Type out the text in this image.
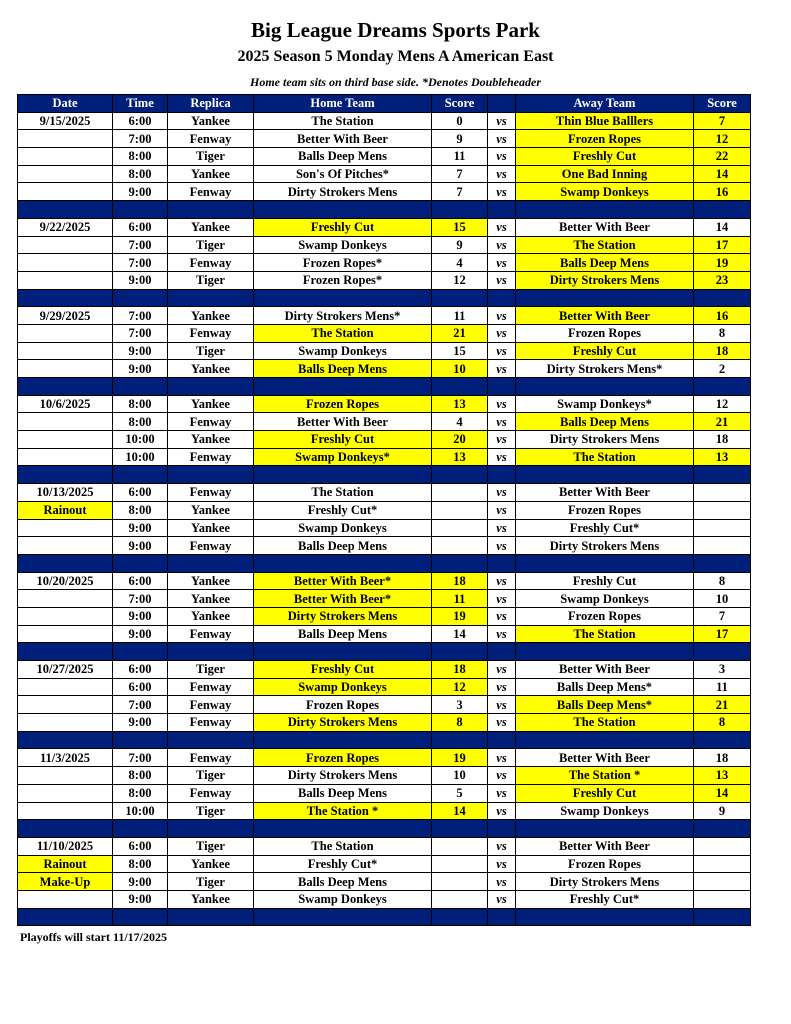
Big League Dreams Sports Park
2025 Season 5 Monday Mens A American East
Home team sits on third base side. *Denotes Doubleheader
Date	Time	Replica	Home Team	Score		Away Team	Score
9/15/2025	6:00	Yankee	The Station	0	vs	Thin Blue Balllers	7
	7:00	Fenway	Better With Beer	9	vs	Frozen Ropes	12
	8:00	Tiger	Balls Deep Mens	11	vs	Freshly Cut	22
	8:00	Yankee	Son's Of Pitches*	7	vs	One Bad Inning	14
	9:00	Fenway	Dirty Strokers Mens	7	vs	Swamp Donkeys	16

9/22/2025	6:00	Yankee	Freshly Cut	15	vs	Better With Beer	14
	7:00	Tiger	Swamp Donkeys	9	vs	The Station	17
	7:00	Fenway	Frozen Ropes*	4	vs	Balls Deep Mens	19
	9:00	Tiger	Frozen Ropes*	12	vs	Dirty Strokers Mens	23

9/29/2025	7:00	Yankee	Dirty Strokers Mens*	11	vs	Better With Beer	16
	7:00	Fenway	The Station	21	vs	Frozen Ropes	8
	9:00	Tiger	Swamp Donkeys	15	vs	Freshly Cut	18
	9:00	Yankee	Balls Deep Mens	10	vs	Dirty Strokers Mens*	2

10/6/2025	8:00	Yankee	Frozen Ropes	13	vs	Swamp Donkeys*	12
	8:00	Fenway	Better With Beer	4	vs	Balls Deep Mens	21
	10:00	Yankee	Freshly Cut	20	vs	Dirty Strokers Mens	18
	10:00	Fenway	Swamp Donkeys*	13	vs	The Station	13

10/13/2025	6:00	Fenway	The Station		vs	Better With Beer	
Rainout	8:00	Yankee	Freshly Cut*		vs	Frozen Ropes	
	9:00	Yankee	Swamp Donkeys		vs	Freshly Cut*	
	9:00	Fenway	Balls Deep Mens		vs	Dirty Strokers Mens	

10/20/2025	6:00	Yankee	Better With Beer*	18	vs	Freshly Cut	8
	7:00	Yankee	Better With Beer*	11	vs	Swamp Donkeys	10
	9:00	Yankee	Dirty Strokers Mens	19	vs	Frozen Ropes	7
	9:00	Fenway	Balls Deep Mens	14	vs	The Station	17

10/27/2025	6:00	Tiger	Freshly Cut	18	vs	Better With Beer	3
	6:00	Fenway	Swamp Donkeys	12	vs	Balls Deep Mens*	11
	7:00	Fenway	Frozen Ropes	3	vs	Balls Deep Mens*	21
	9:00	Fenway	Dirty Strokers Mens	8	vs	The Station	8

11/3/2025	7:00	Fenway	Frozen Ropes	19	vs	Better With Beer	18
	8:00	Tiger	Dirty Strokers Mens	10	vs	The Station *	13
	8:00	Fenway	Balls Deep Mens	5	vs	Freshly Cut	14
	10:00	Tiger	The Station *	14	vs	Swamp Donkeys	9

11/10/2025	6:00	Tiger	The Station		vs	Better With Beer	
Rainout	8:00	Yankee	Freshly Cut*		vs	Frozen Ropes	
Make-Up	9:00	Tiger	Balls Deep Mens		vs	Dirty Strokers Mens	
	9:00	Yankee	Swamp Donkeys		vs	Freshly Cut*	

Playoffs will start 11/17/2025
